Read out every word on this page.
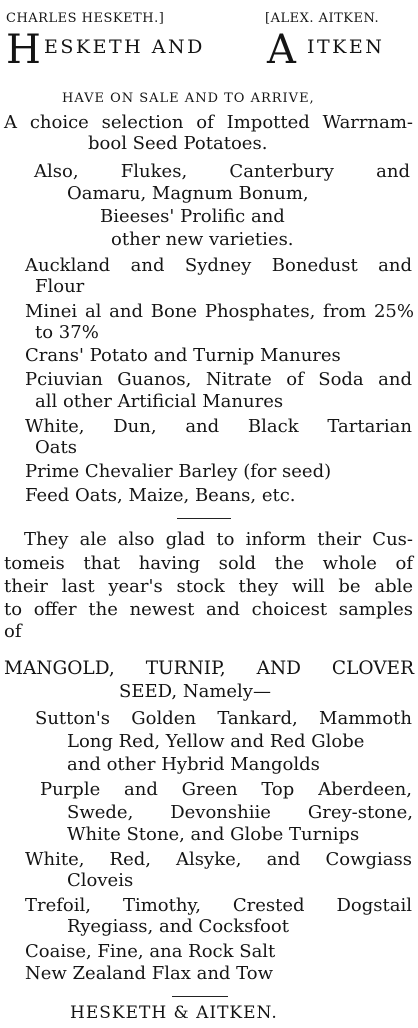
CHARLES HESKETH.]	[ALEX. AITKEN.
H ESKETH AND A ITKEN
HAVE ON SALE AND TO ARRIVE,
A choice selection of Impotted Warrnam-
bool Seed Potatoes.
Also, Flukes, Canterbury and
Oamaru, Magnum Bonum,
Bieeses' Prolific and
other new varieties.
Auckland and Sydney Bonedust and
Flour
Minei al and Bone Phosphates, from 25%
to 37%
Crans' Potato and Turnip Manures
Pciuvian Guanos, Nitrate of Soda and
all other Artificial Manures
White, Dun, and Black Tartarian
Oats
Prime Chevalier Barley (for seed)
Feed Oats, Maize, Beans, etc.
They ale also glad to inform their Cus-
tomeis that having sold the whole of
their last year's stock they will be able
to offer the newest and choicest samples
of
MANGOLD, TURNIP, AND CLOVER
SEED, Namely—
Sutton's Golden Tankard, Mammoth
Long Red, Yellow and Red Globe
and other Hybrid Mangolds
Purple and Green Top Aberdeen,
Swede, Devonshiie Grey-stone,
White Stone, and Globe Turnips
White, Red, Alsyke, and Cowgiass
Cloveis
Trefoil, Timothy, Crested Dogstail
Ryegiass, and Cocksfoot
Coaise, Fine, ana Rock Salt
New Zealand Flax and Tow
HESKETH & AITKEN.
